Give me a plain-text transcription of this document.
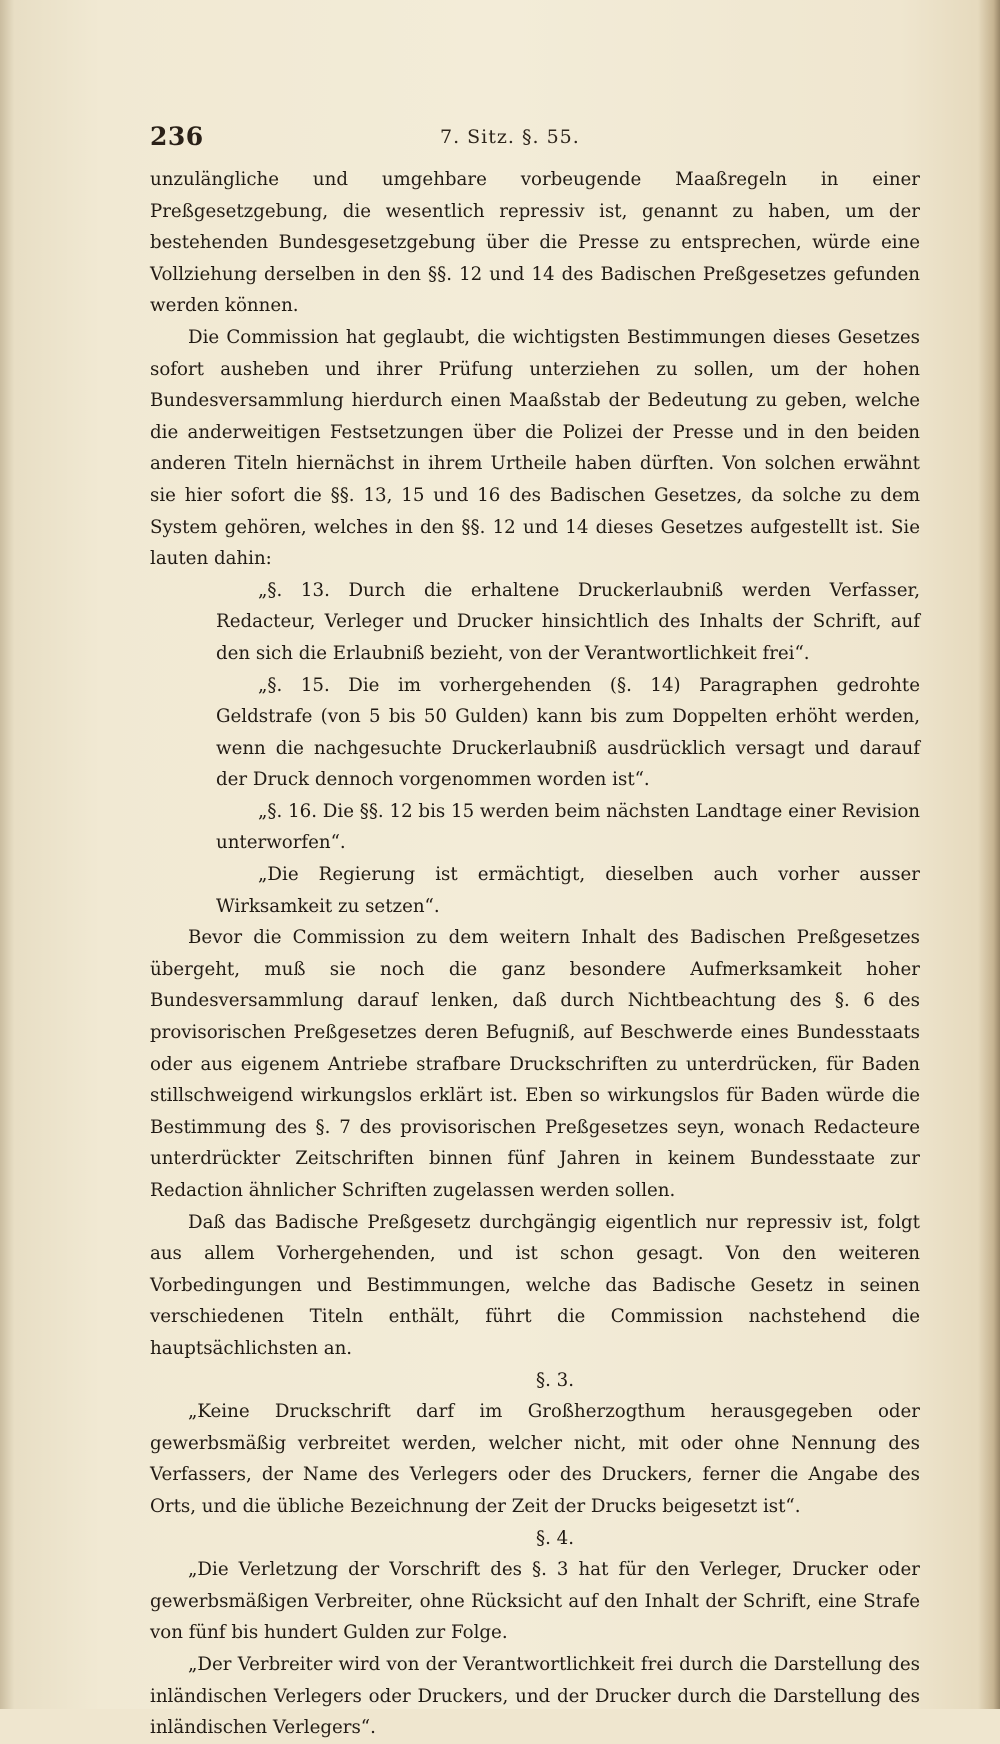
236	7. Sitz. §. 55.

unzulängliche und umgehbare vorbeugende Maaßregeln in einer Preßgesetzgebung, die wesentlich repressiv ist, genannt zu haben, um der bestehenden Bundesgesetzgebung über die Presse zu entsprechen, würde eine Vollziehung derselben in den §§. 12 und 14 des Badischen Preßgesetzes gefunden werden können.

Die Commission hat geglaubt, die wichtigsten Bestimmungen dieses Gesetzes sofort ausheben und ihrer Prüfung unterziehen zu sollen, um der hohen Bundesversammlung hierdurch einen Maaßstab der Bedeutung zu geben, welche die anderweitigen Festsetzungen über die Polizei der Presse und in den beiden anderen Titeln hiernächst in ihrem Urtheile haben dürften. Von solchen erwähnt sie hier sofort die §§. 13, 15 und 16 des Badischen Gesetzes, da solche zu dem System gehören, welches in den §§. 12 und 14 dieses Gesetzes aufgestellt ist. Sie lauten dahin:

„§. 13. Durch die erhaltene Druckerlaubniß werden Verfasser, Redacteur, Verleger und Drucker hinsichtlich des Inhalts der Schrift, auf den sich die Erlaubniß bezieht, von der Verantwortlichkeit frei“.

„§. 15. Die im vorhergehenden (§. 14) Paragraphen gedrohte Geldstrafe (von 5 bis 50 Gulden) kann bis zum Doppelten erhöht werden, wenn die nachgesuchte Druckerlaubniß ausdrücklich versagt und darauf der Druck dennoch vorgenommen worden ist“.

„§. 16. Die §§. 12 bis 15 werden beim nächsten Landtage einer Revision unterworfen“.

„Die Regierung ist ermächtigt, dieselben auch vorher ausser Wirksamkeit zu setzen“.

Bevor die Commission zu dem weitern Inhalt des Badischen Preßgesetzes übergeht, muß sie noch die ganz besondere Aufmerksamkeit hoher Bundesversammlung darauf lenken, daß durch Nichtbeachtung des §. 6 des provisorischen Preßgesetzes deren Befugniß, auf Beschwerde eines Bundesstaats oder aus eigenem Antriebe strafbare Druckschriften zu unterdrücken, für Baden stillschweigend wirkungslos erklärt ist. Eben so wirkungslos für Baden würde die Bestimmung des §. 7 des provisorischen Preßgesetzes seyn, wonach Redacteure unterdrückter Zeitschriften binnen fünf Jahren in keinem Bundesstaate zur Redaction ähnlicher Schriften zugelassen werden sollen.

Daß das Badische Preßgesetz durchgängig eigentlich nur repressiv ist, folgt aus allem Vorhergehenden, und ist schon gesagt. Von den weiteren Vorbedingungen und Bestimmungen, welche das Badische Gesetz in seinen verschiedenen Titeln enthält, führt die Commission nachstehend die hauptsächlichsten an.

§. 3.

„Keine Druckschrift darf im Großherzogthum herausgegeben oder gewerbsmäßig verbreitet werden, welcher nicht, mit oder ohne Nennung des Verfassers, der Name des Verlegers oder des Druckers, ferner die Angabe des Orts, und die übliche Bezeichnung der Zeit der Drucks beigesetzt ist“.

§. 4.

„Die Verletzung der Vorschrift des §. 3 hat für den Verleger, Drucker oder gewerbsmäßigen Verbreiter, ohne Rücksicht auf den Inhalt der Schrift, eine Strafe von fünf bis hundert Gulden zur Folge.

„Der Verbreiter wird von der Verantwortlichkeit frei durch die Darstellung des inländischen Verlegers oder Druckers, und der Drucker durch die Darstellung des inländischen Verlegers“.
